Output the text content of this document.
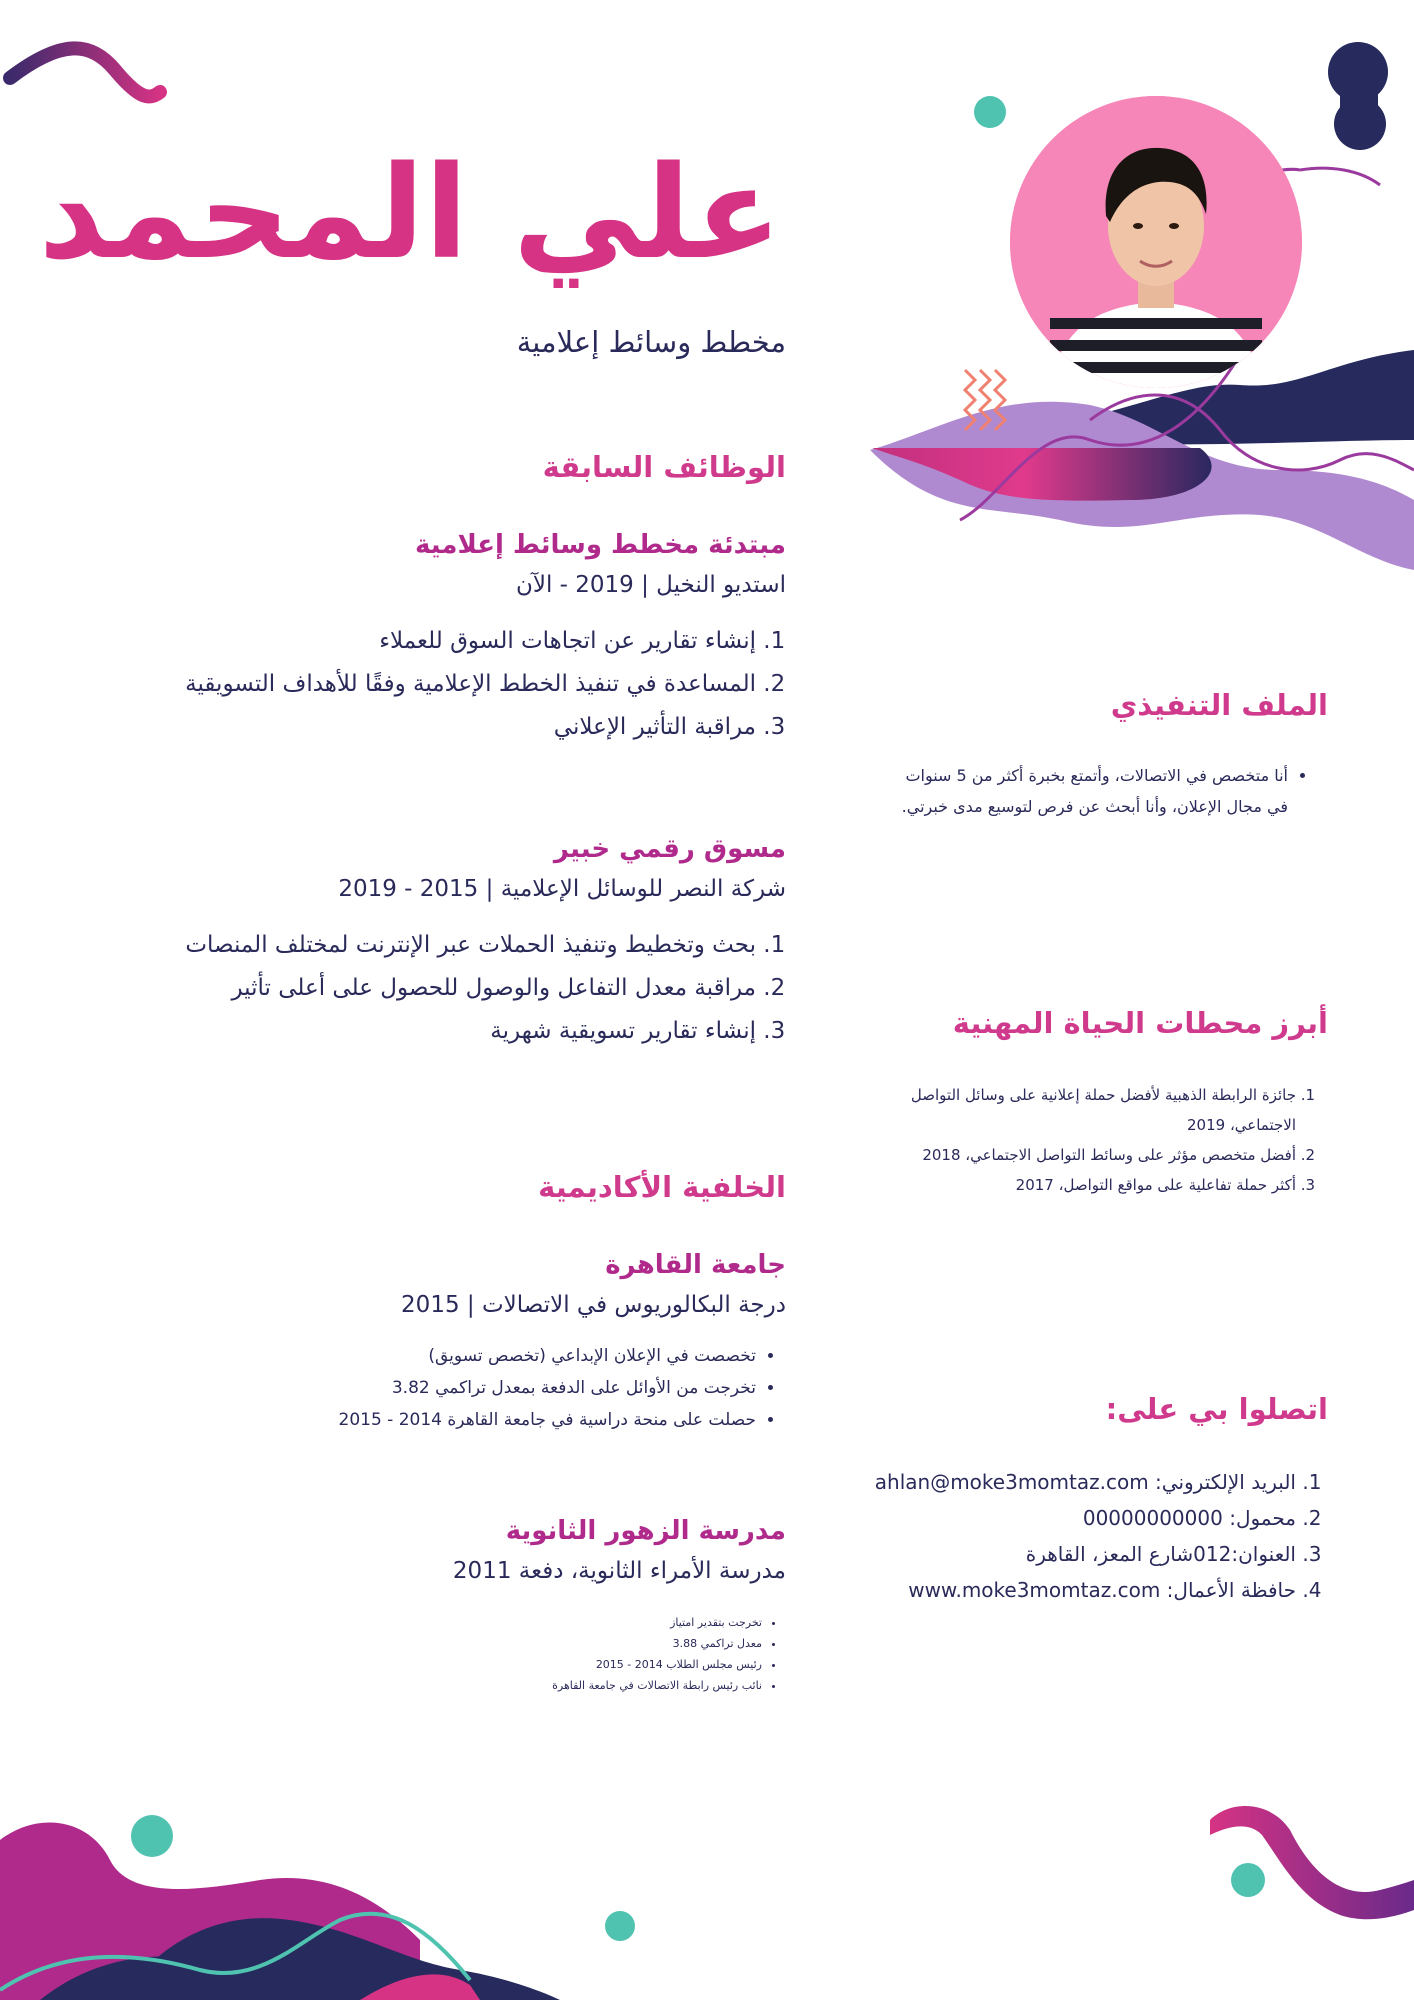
علي المحمد
مخطط وسائط إعلامية
الوظائف السابقة
مبتدئة مخطط وسائط إعلامية
استديو النخيل | 2019 - الآن
1. إنشاء تقارير عن اتجاهات السوق للعملاء
2. المساعدة في تنفيذ الخطط الإعلامية وفقًا للأهداف التسويقية
3. مراقبة التأثير الإعلاني
مسوق رقمي خبير
شركة النصر للوسائل الإعلامية | 2015 - 2019
1. بحث وتخطيط وتنفيذ الحملات عبر الإنترنت لمختلف المنصات
2. مراقبة معدل التفاعل والوصول للحصول على أعلى تأثير
3. إنشاء تقارير تسويقية شهرية
الخلفية الأكاديمية
جامعة القاهرة
درجة البكالوريوس في الاتصالات | 2015
• تخصصت في الإعلان الإبداعي (تخصص تسويق)
• تخرجت من الأوائل على الدفعة بمعدل تراكمي 3.82
• حصلت على منحة دراسية في جامعة القاهرة 2014 - 2015
مدرسة الزهور الثانوية
مدرسة الأمراء الثانوية، دفعة 2011
• تخرجت بتقدير امتياز
• معدل تراكمي 3.88
• رئيس مجلس الطلاب 2014 - 2015
• نائب رئيس رابطة الاتصالات في جامعة القاهرة
الملف التنفيذي
• أنا متخصص في الاتصالات، وأتمتع بخبرة أكثر من 5 سنوات في مجال الإعلان، وأنا أبحث عن فرص لتوسيع مدى خبرتي.
أبرز محطات الحياة المهنية
1. جائزة الرابطة الذهبية لأفضل حملة إعلانية على وسائل التواصل الاجتماعي، 2019
2. أفضل متخصص مؤثر على وسائط التواصل الاجتماعي، 2018
3. أكثر حملة تفاعلية على مواقع التواصل، 2017
اتصلوا بي على:
1. البريد الإلكتروني: ahlan@moke3momtaz.com
2. محمول: 00000000000
3. العنوان:012شارع المعز، القاهرة
4. حافظة الأعمال: www.moke3momtaz.com
